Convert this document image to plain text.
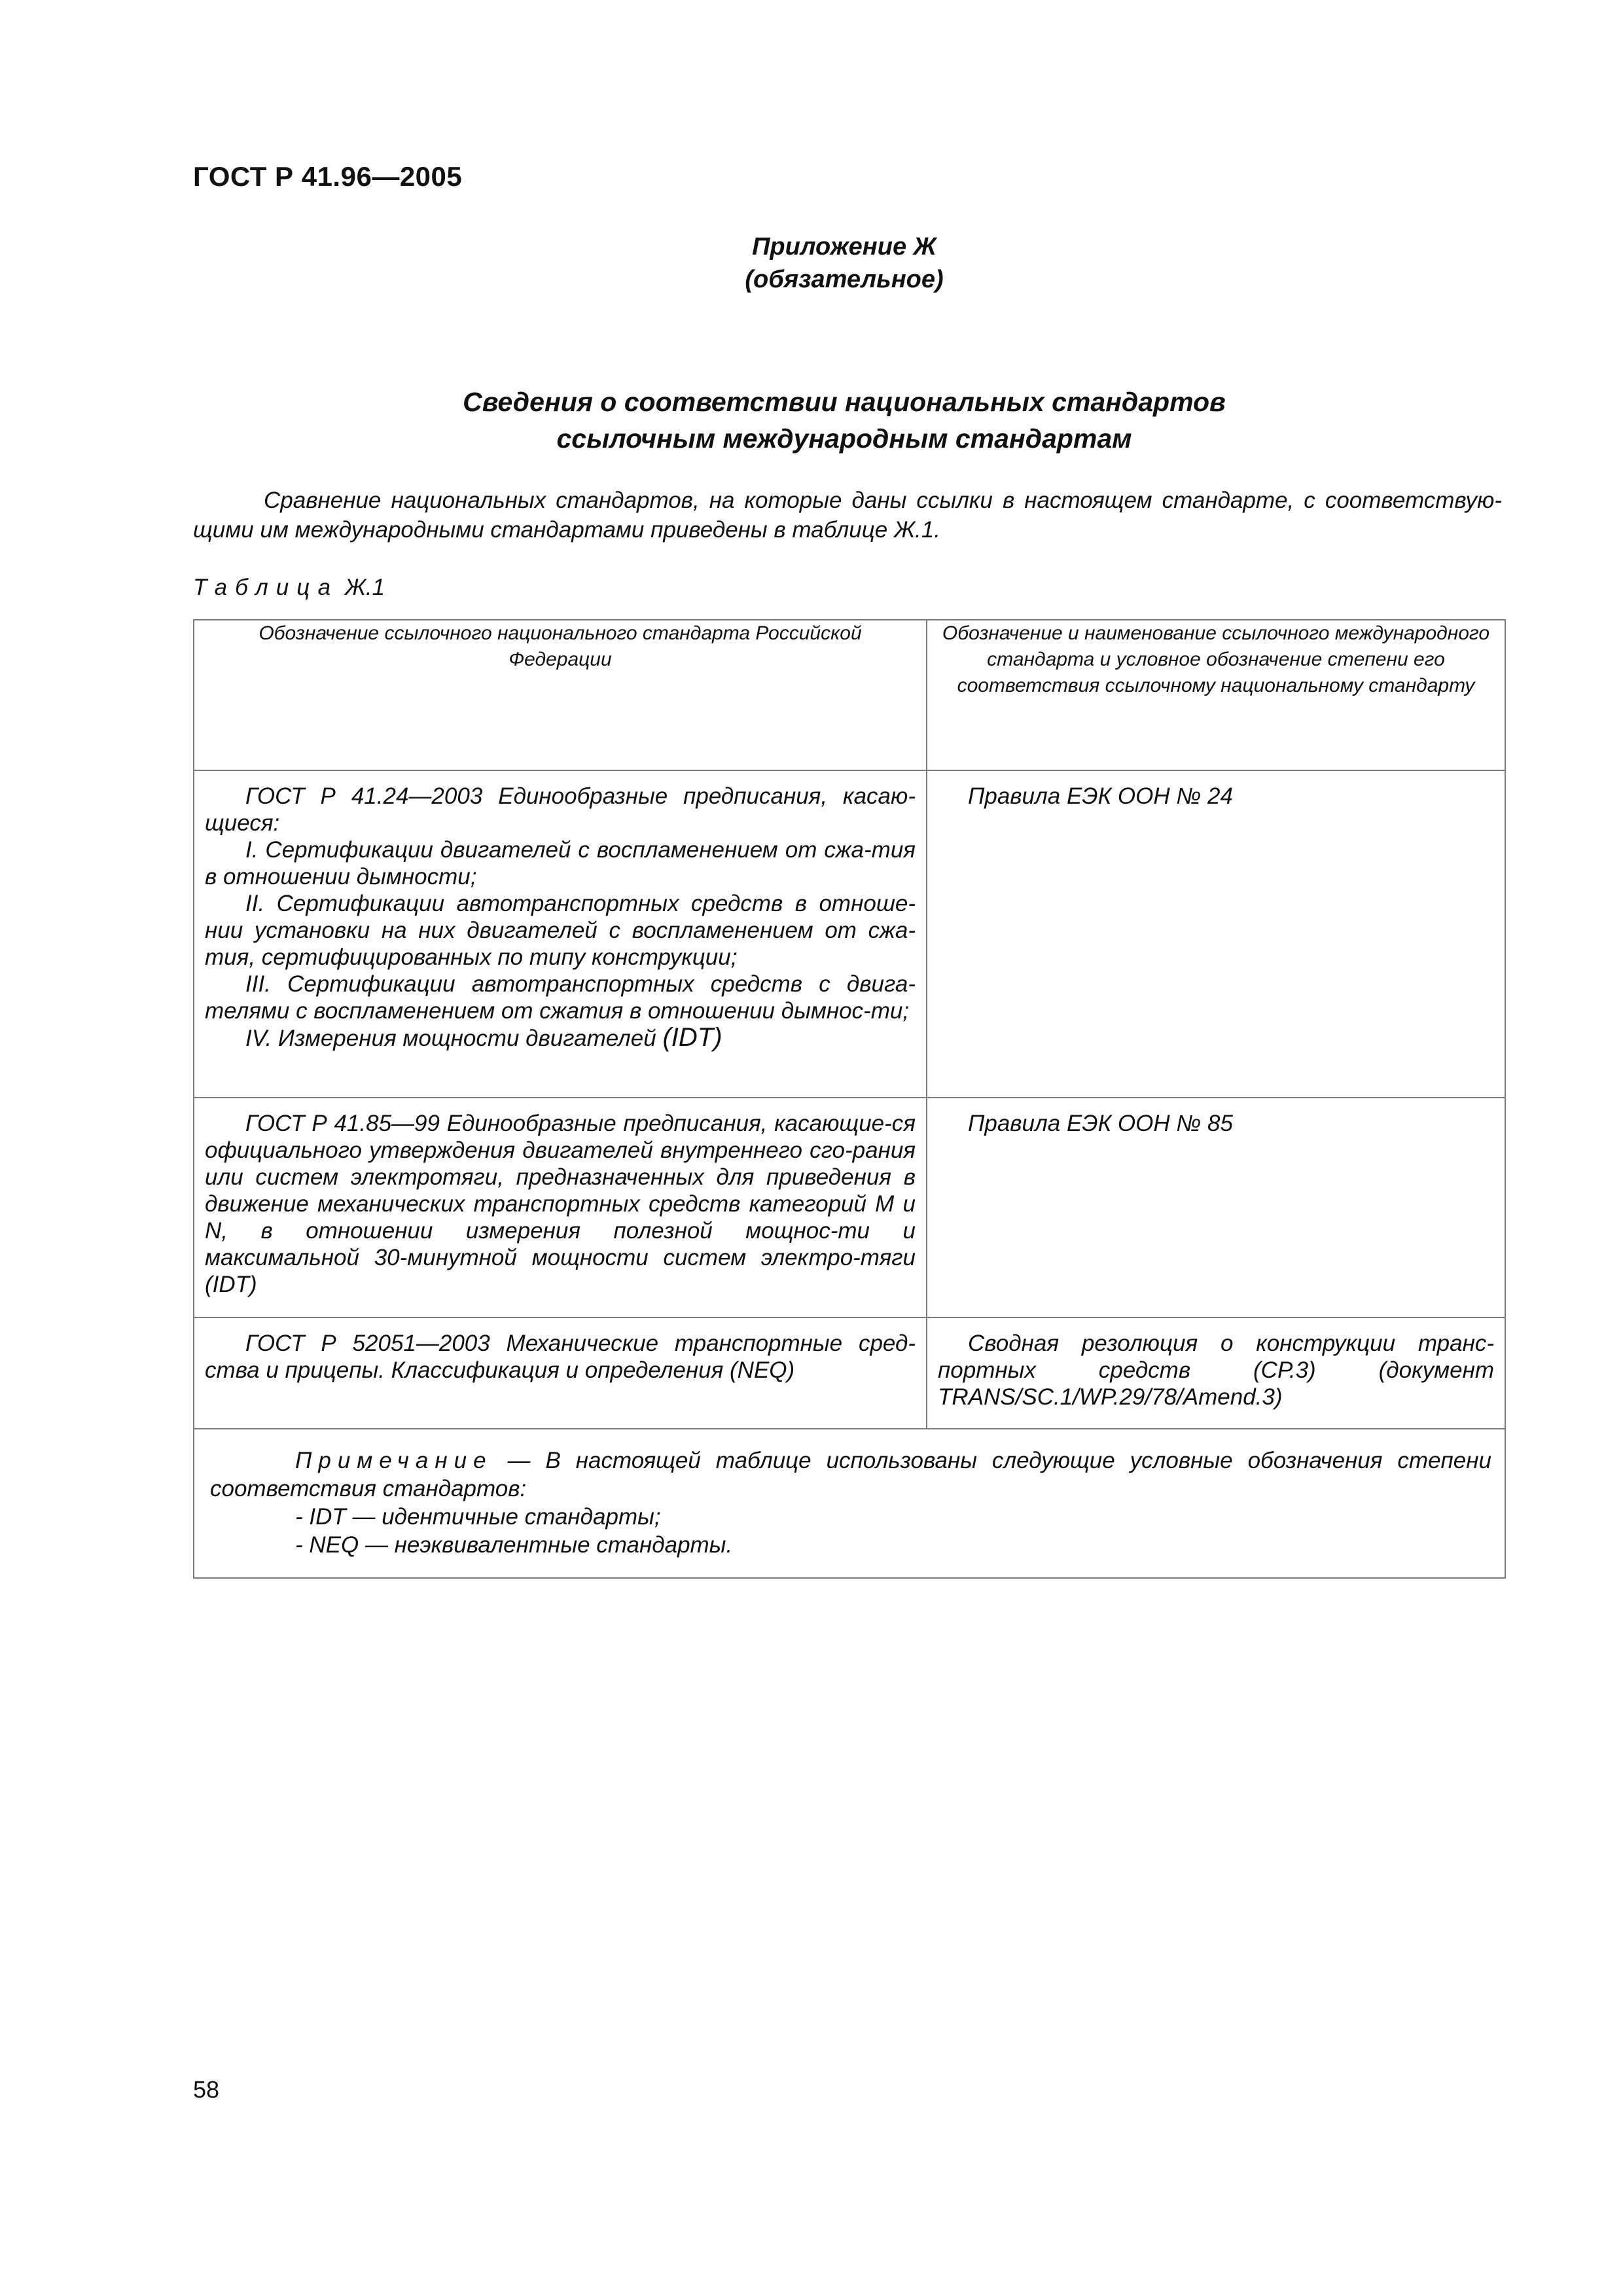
ГОСТ Р 41.96—2005
Приложение Ж
(обязательное)
Сведения о соответствии национальных стандартов
ссылочным международным стандартам
Сравнение национальных стандартов, на которые даны ссылки в настоящем стандарте, с соответствую-щими им международными стандартами приведены в таблице Ж.1.
Таблица Ж.1
Обозначение ссылочного национального стандарта Российской Федерации	Обозначение и наименование ссылочного международного стандарта и условное обозначение степени его соответствия ссылочному национальному стандарту

ГОСТ Р 41.24—2003 Единообразные предписания, касаю-щиеся:
I. Сертификации двигателей с воспламенением от сжа-тия в отношении дымности;
II. Сертификации автотранспортных средств в отноше-нии установки на них двигателей с воспламенением от сжа-тия, сертифицированных по типу конструкции;
III. Сертификации автотранспортных средств с двига-телями с воспламенением от сжатия в отношении дымнос-ти;
IV. Измерения мощности двигателей (IDT)	Правила ЕЭК ООН № 24

ГОСТ Р 41.85—99 Единообразные предписания, касающие-ся официального утверждения двигателей внутреннего сго-рания или систем электротяги, предназначенных для приведения в движение механических транспортных средств категорий М и N, в отношении измерения полезной мощнос-ти и максимальной 30-минутной мощности систем электро-тяги (IDT)	Правила ЕЭК ООН № 85

ГОСТ Р 52051—2003 Механические транспортные сред-ства и прицепы. Классификация и определения (NEQ)	Сводная резолюция о конструкции транс-портных средств (СР.3) (документ TRANS/SC.1/WP.29/78/Amend.3)

Примечание — В настоящей таблице использованы следующие условные обозначения степени соответствия стандартов:
- IDT — идентичные стандарты;
- NEQ — неэквивалентные стандарты.	
58
